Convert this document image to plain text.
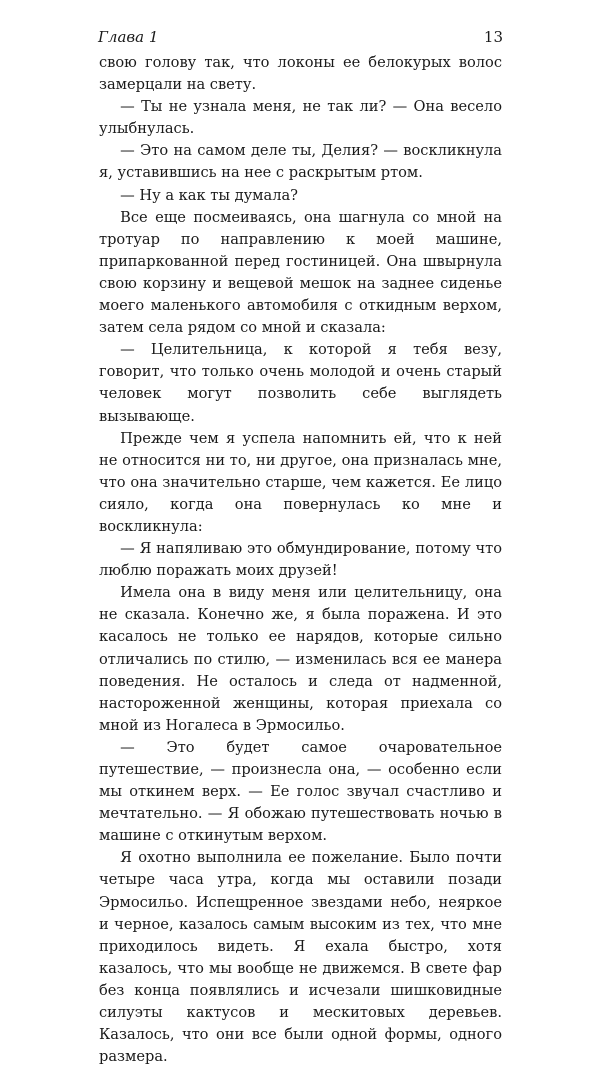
Глава 1	13

свою голову так, что локоны ее белокурых волос замерцали на свету.

— Ты не узнала меня, не так ли? — Она весело улыбнулась.

— Это на самом деле ты, Делия? — воскликнула я, уставившись на нее с раскрытым ртом.

— Ну а как ты думала?

Все еще посмеиваясь, она шагнула со мной на тротуар по направлению к моей машине, припаркованной перед гостиницей. Она швырнула свою корзину и вещевой мешок на заднее сиденье моего маленького автомобиля с откидным верхом, затем села рядом со мной и сказала:

— Целительница, к которой я тебя везу, говорит, что только очень молодой и очень старый человек могут позволить себе выглядеть вызывающе.

Прежде чем я успела напомнить ей, что к ней не относится ни то, ни другое, она призналась мне, что она значительно старше, чем кажется. Ее лицо сияло, когда она повернулась ко мне и воскликнула:

— Я напяливаю это обмундирование, потому что люблю поражать моих друзей!

Имела она в виду меня или целительницу, она не сказала. Конечно же, я была поражена. И это касалось не только ее нарядов, которые сильно отличались по стилю, — изменилась вся ее манера поведения. Не осталось и следа от надменной, настороженной женщины, которая приехала со мной из Ногалеса в Эрмосильо.

— Это будет самое очаровательное путешествие, — произнесла она, — особенно если мы откинем верх. — Ее голос звучал счастливо и мечтательно. — Я обожаю путешествовать ночью в машине с откинутым верхом.

Я охотно выполнила ее пожелание. Было почти четыре часа утра, когда мы оставили позади Эрмосильо. Испещренное звездами небо, неяркое и черное, казалось самым высоким из тех, что мне приходилось видеть. Я ехала быстро, хотя казалось, что мы вообще не движемся. В свете фар без конца появлялись и исчезали шишковидные силуэты кактусов и мескитовых деревьев. Казалось, что они все были одной формы, одного размера.
